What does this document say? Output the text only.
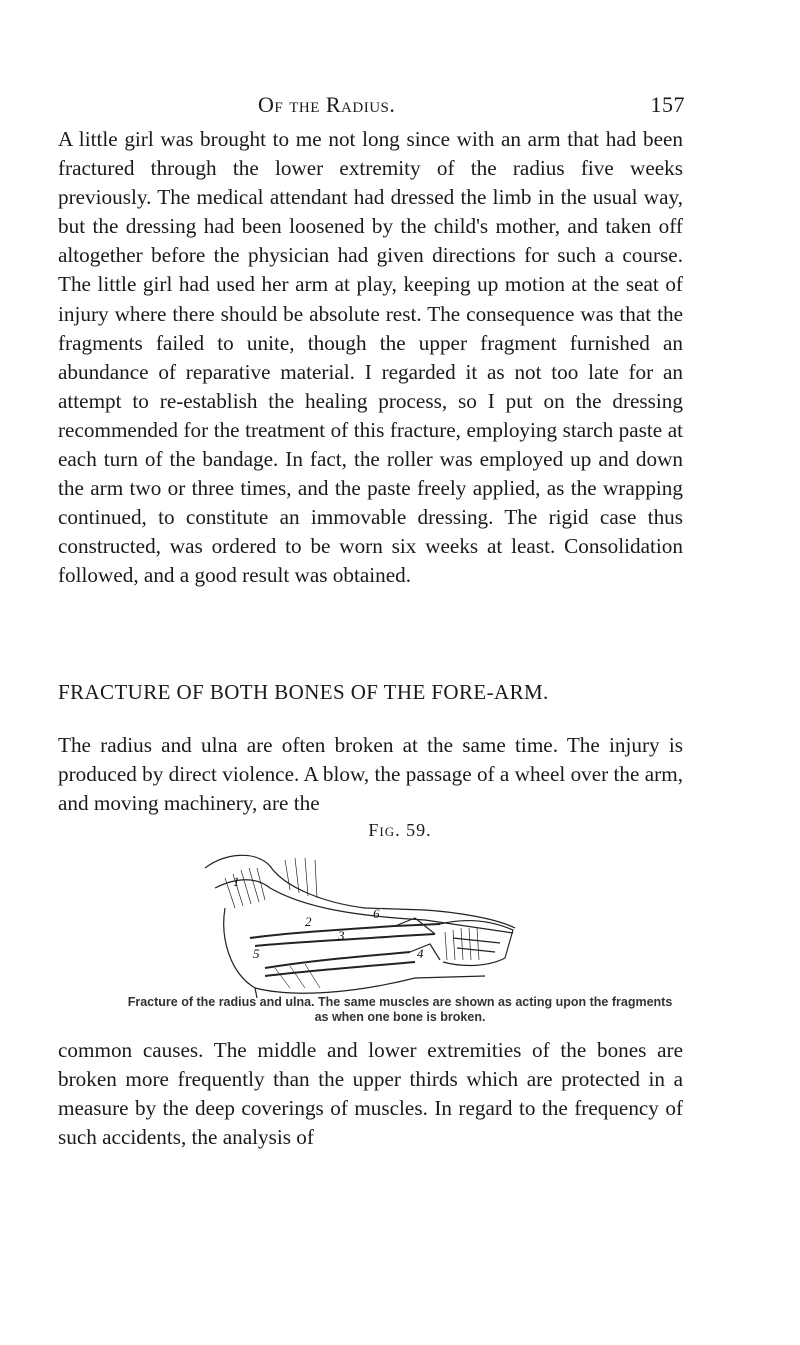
Of the Radius.	157
A little girl was brought to me not long since with an arm that had been fractured through the lower extremity of the radius five weeks previously. The medical attendant had dressed the limb in the usual way, but the dressing had been loosened by the child's mother, and taken off altogether before the physician had given directions for such a course. The little girl had used her arm at play, keeping up motion at the seat of injury where there should be absolute rest. The consequence was that the fragments failed to unite, though the upper fragment furnished an abundance of reparative material. I regarded it as not too late for an attempt to re-establish the healing process, so I put on the dressing recommended for the treatment of this fracture, employing starch paste at each turn of the bandage. In fact, the roller was employed up and down the arm two or three times, and the paste freely applied, as the wrapping continued, to constitute an immovable dressing. The rigid case thus constructed, was ordered to be worn six weeks at least. Consolidation followed, and a good result was obtained.
FRACTURE OF BOTH BONES OF THE FORE-ARM.
The radius and ulna are often broken at the same time. The injury is produced by direct violence. A blow, the passage of a wheel over the arm, and moving machinery, are the
Fig. 59.
1
2
3
4
5
6
Fracture of the radius and ulna. The same muscles are shown as acting upon the fragments as when one bone is broken.
common causes. The middle and lower extremities of the bones are broken more frequently than the upper thirds which are protected in a measure by the deep coverings of muscles. In regard to the frequency of such accidents, the analysis of
